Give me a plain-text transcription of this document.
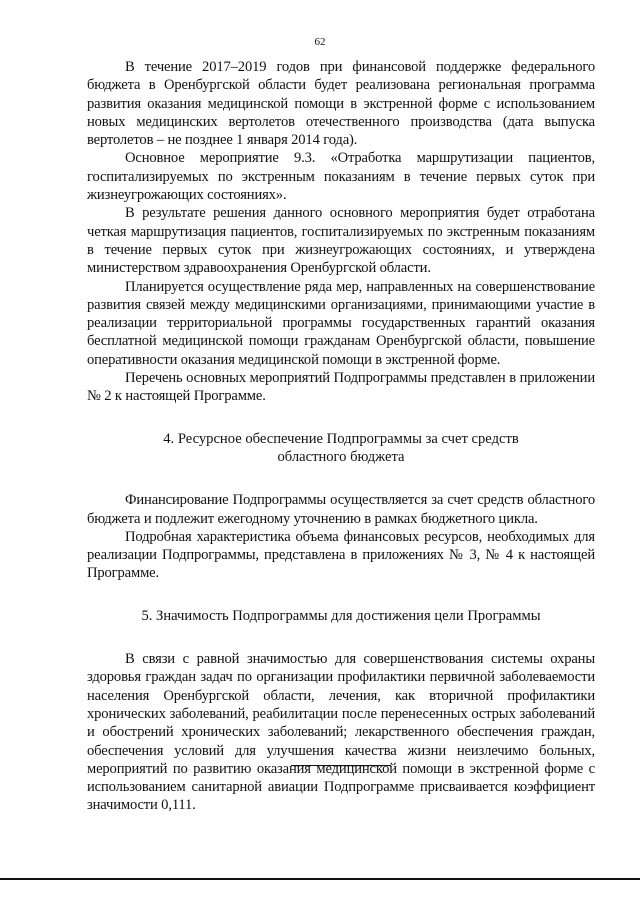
62

В течение 2017–2019 годов при финансовой поддержке федерального бюджета в Оренбургской области будет реализована региональная программа развития оказания медицинской помощи в экстренной форме с использованием новых медицинских вертолетов отечественного производства (дата выпуска вертолетов – не позднее 1 января 2014 года).

Основное мероприятие 9.3. «Отработка маршрутизации пациентов, госпитализируемых по экстренным показаниям в течение первых суток при жизнеугрожающих состояниях».

В результате решения данного основного мероприятия будет отработана четкая маршрутизация пациентов, госпитализируемых по экстренным показаниям в течение первых суток при жизнеугрожающих состояниях, и утверждена министерством здравоохранения Оренбургской области.

Планируется осуществление ряда мер, направленных на совершенствование развития связей между медицинскими организациями, принимающими участие в реализации территориальной программы государственных гарантий оказания бесплатной медицинской помощи гражданам Оренбургской области, повышение оперативности оказания медицинской помощи в экстренной форме.

Перечень основных мероприятий Подпрограммы представлен в приложении № 2 к настоящей Программе.

4. Ресурсное обеспечение Подпрограммы за счет средств
областного бюджета

Финансирование Подпрограммы осуществляется за счет средств областного бюджета и подлежит ежегодному уточнению в рамках бюджетного цикла.

Подробная характеристика объема финансовых ресурсов, необходимых для реализации Подпрограммы, представлена в приложениях № 3, № 4 к настоящей Программе.

5. Значимость Подпрограммы для достижения цели Программы

В связи с равной значимостью для совершенствования системы охраны здоровья граждан задач по организации профилактики первичной заболеваемости населения Оренбургской области, лечения, как вторичной профилактики хронических заболеваний, реабилитации после перенесенных острых заболеваний и обострений хронических заболеваний; лекарственного обеспечения граждан, обеспечения условий для улучшения качества жизни неизлечимо больных, мероприятий по развитию оказания медицинской помощи в экстренной форме с использованием санитарной авиации Подпрограмме присваивается коэффициент значимости 0,111.
